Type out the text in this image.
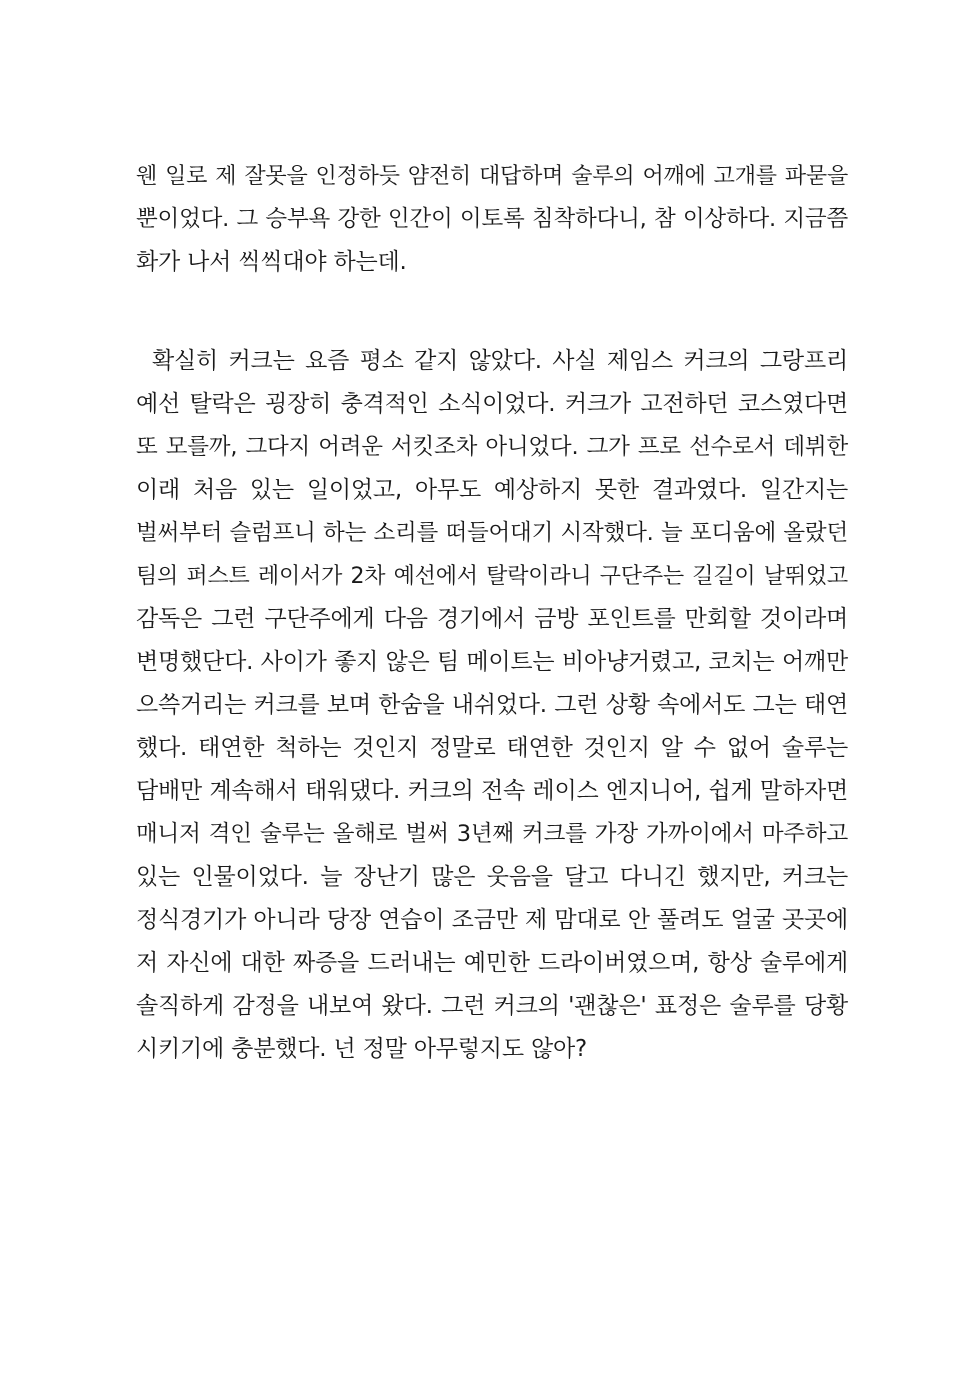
웬 일로 제 잘못을 인정하듯 얌전히 대답하며 술루의 어깨에 고개를 파묻을
뿐이었다. 그 승부욕 강한 인간이 이토록 침착하다니, 참 이상하다. 지금쯤
화가 나서 씩씩대야 하는데.
확실히 커크는 요즘 평소 같지 않았다. 사실 제임스 커크의 그랑프리
예선 탈락은 굉장히 충격적인 소식이었다. 커크가 고전하던 코스였다면
또 모를까, 그다지 어려운 서킷조차 아니었다. 그가 프로 선수로서 데뷔한
이래 처음 있는 일이었고, 아무도 예상하지 못한 결과였다. 일간지는
벌써부터 슬럼프니 하는 소리를 떠들어대기 시작했다. 늘 포디움에 올랐던
팀의 퍼스트 레이서가 2차 예선에서 탈락이라니 구단주는 길길이 날뛰었고
감독은 그런 구단주에게 다음 경기에서 금방 포인트를 만회할 것이라며
변명했단다. 사이가 좋지 않은 팀 메이트는 비아냥거렸고, 코치는 어깨만
으쓱거리는 커크를 보며 한숨을 내쉬었다. 그런 상황 속에서도 그는 태연
했다. 태연한 척하는 것인지 정말로 태연한 것인지 알 수 없어 술루는
담배만 계속해서 태워댔다. 커크의 전속 레이스 엔지니어, 쉽게 말하자면
매니저 격인 술루는 올해로 벌써 3년째 커크를 가장 가까이에서 마주하고
있는 인물이었다. 늘 장난기 많은 웃음을 달고 다니긴 했지만, 커크는
정식경기가 아니라 당장 연습이 조금만 제 맘대로 안 풀려도 얼굴 곳곳에
저 자신에 대한 짜증을 드러내는 예민한 드라이버였으며, 항상 술루에게
솔직하게 감정을 내보여 왔다. 그런 커크의 '괜찮은' 표정은 술루를 당황
시키기에 충분했다. 넌 정말 아무렇지도 않아?
